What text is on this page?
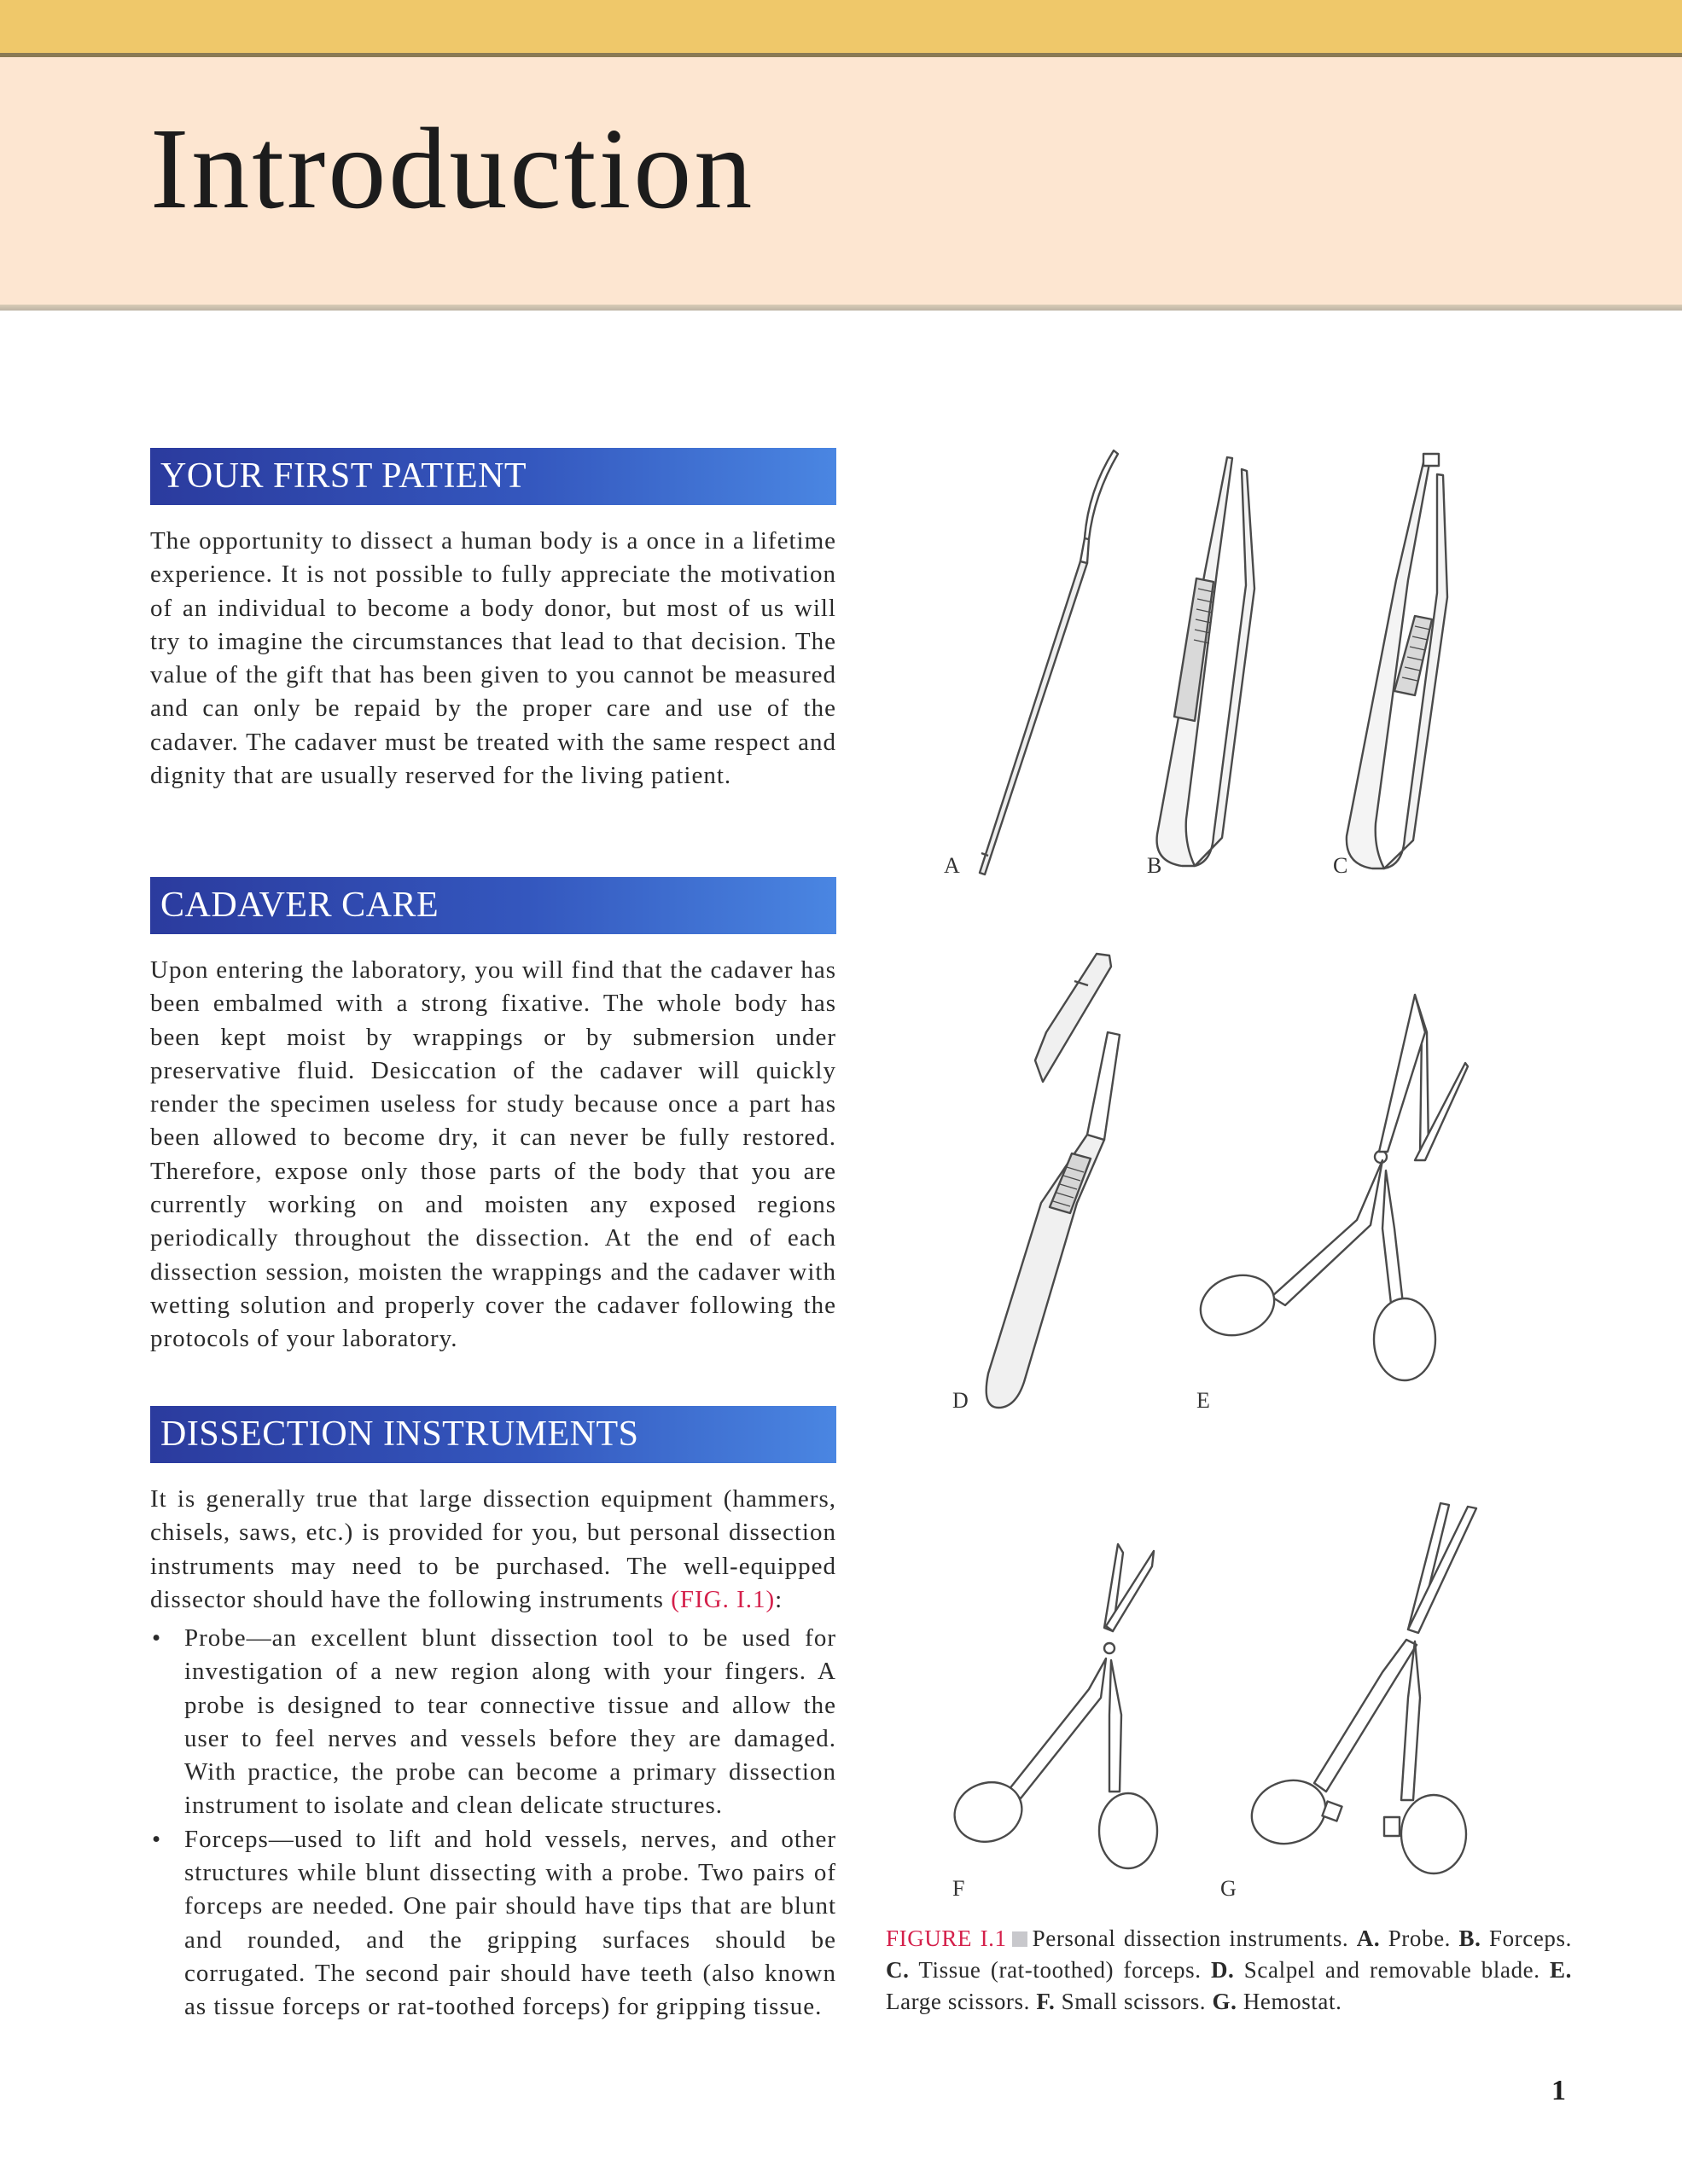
Introduction
YOUR FIRST PATIENT

The opportunity to dissect a human body is a once in a lifetime experience. It is not possible to fully appreciate the motivation of an individual to become a body donor, but most of us will try to imagine the circumstances that lead to that decision. The value of the gift that has been given to you cannot be measured and can only be repaid by the proper care and use of the cadaver. The cadaver must be treated with the same respect and dignity that are usually reserved for the living patient.

CADAVER CARE

Upon entering the laboratory, you will find that the cadaver has been embalmed with a strong fixative. The whole body has been kept moist by wrappings or by submersion under preservative fluid. Desiccation of the cadaver will quickly render the specimen useless for study because once a part has been allowed to become dry, it can never be fully restored. Therefore, expose only those parts of the body that you are currently working on and moisten any exposed regions periodically throughout the dissection. At the end of each dissection session, moisten the wrappings and the cadaver with wetting solution and properly cover the cadaver following the protocols of your laboratory.

DISSECTION INSTRUMENTS

It is generally true that large dissection equipment (hammers, chisels, saws, etc.) is provided for you, but personal dissection instruments may need to be purchased. The well-equipped dissector should have the following instruments (FIG. I.1):

• Probe—an excellent blunt dissection tool to be used for investigation of a new region along with your fingers. A probe is designed to tear connective tissue and allow the user to feel nerves and vessels before they are damaged. With practice, the probe can become a primary dissection instrument to isolate and clean delicate structures.
• Forceps—used to lift and hold vessels, nerves, and other structures while blunt dissecting with a probe. Two pairs of forceps are needed. One pair should have tips that are blunt and rounded, and the gripping surfaces should be corrugated. The second pair should have teeth (also known as tissue forceps or rat-toothed forceps) for gripping tissue.
A	B	C
D	E
F	G

FIGURE I.1 Personal dissection instruments. A. Probe. B. Forceps. C. Tissue (rat-toothed) forceps. D. Scalpel and removable blade. E. Large scissors. F. Small scissors. G. Hemostat.

1
